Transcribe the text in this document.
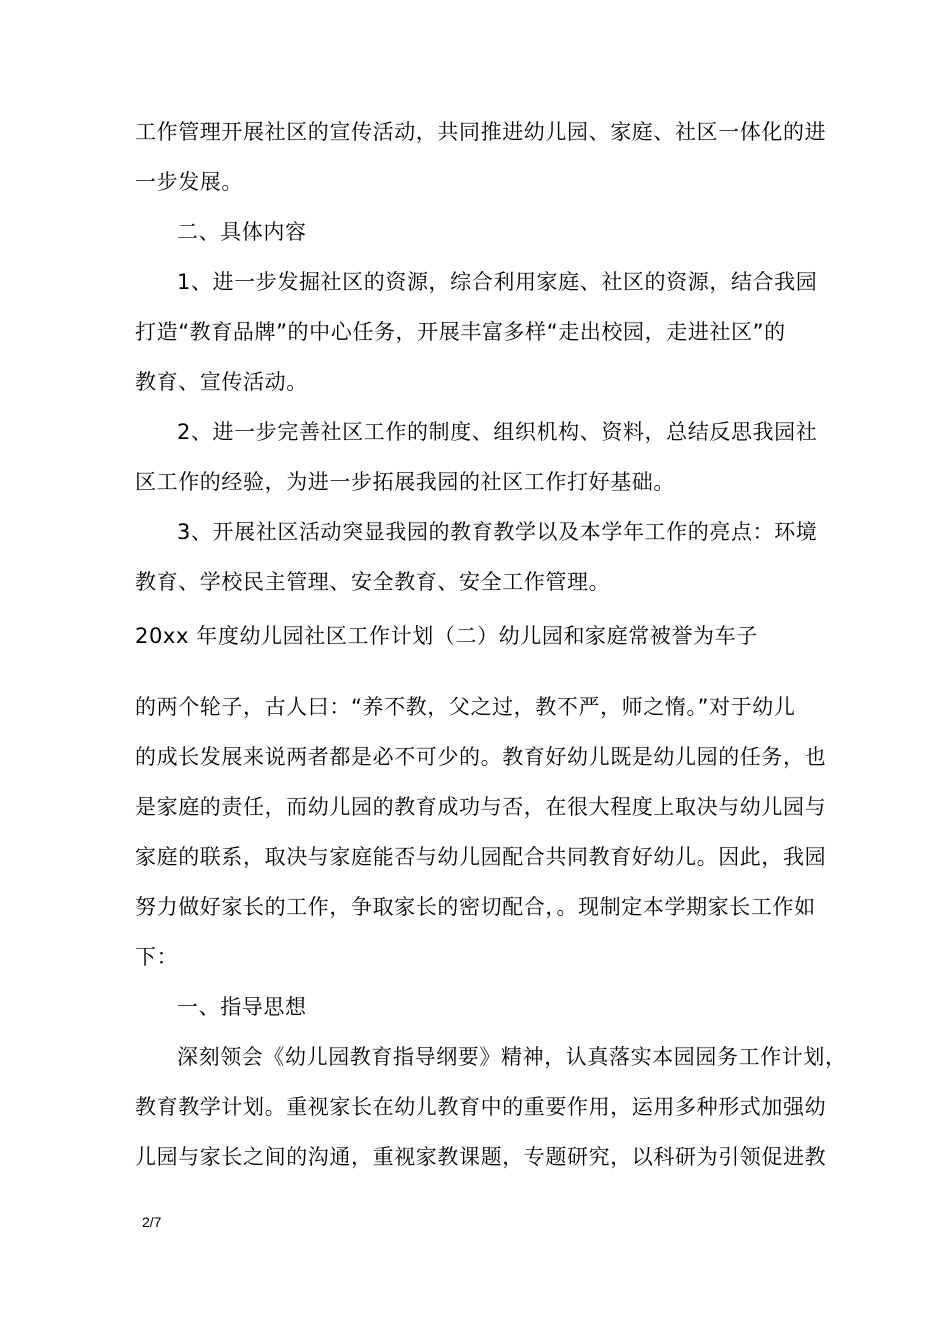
工作管理开展社区的宣传活动，共同推进幼儿园、家庭、社区一体化的进
一步发展。
二、具体内容
1、进一步发掘社区的资源，综合利用家庭、社区的资源，结合我园
打造“教育品牌”的中心任务，开展丰富多样“走出校园，走进社区”的
教育、宣传活动。
2、进一步完善社区工作的制度、组织机构、资料，总结反思我园社
区工作的经验，为进一步拓展我园的社区工作打好基础。
3、开展社区活动突显我园的教育教学以及本学年工作的亮点：环境
教育、学校民主管理、安全教育、安全工作管理。
20xx 年度幼儿园社区工作计划（二）幼儿园和家庭常被誉为车子
的两个轮子，古人曰：“养不教，父之过，教不严，师之惰。”对于幼儿
的成长发展来说两者都是必不可少的。教育好幼儿既是幼儿园的任务，也
是家庭的责任，而幼儿园的教育成功与否，在很大程度上取决与幼儿园与
家庭的联系，取决与家庭能否与幼儿园配合共同教育好幼儿。因此，我园
努力做好家长的工作，争取家长的密切配合，。现制定本学期家长工作如
下：
一、指导思想
深刻领会《幼儿园教育指导纲要》精神，认真落实本园园务工作计划，
教育教学计划。重视家长在幼儿教育中的重要作用，运用多种形式加强幼
儿园与家长之间的沟通，重视家教课题，专题研究，以科研为引领促进教
2/7
